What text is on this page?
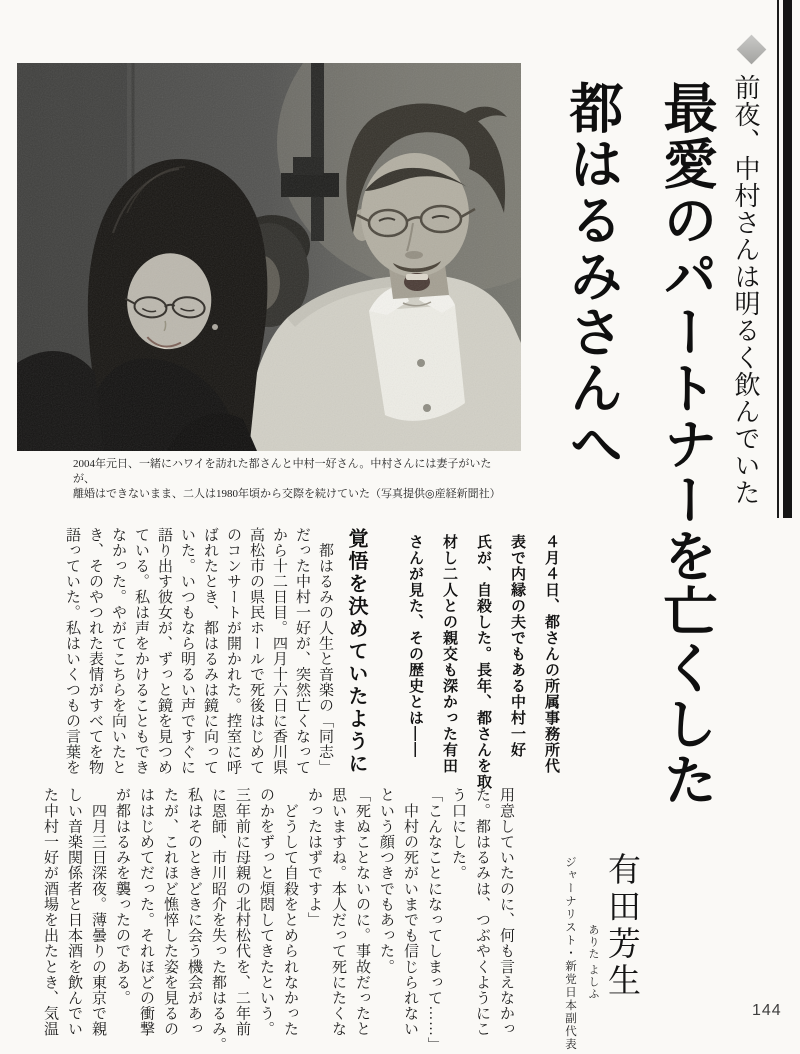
2004年元日、一緒にハワイを訪れた都さんと中村一好さん。中村さんには妻子がいたが、
離婚はできないまま、二人は1980年頃から交際を続けていた（写真提供◎産経新聞社）	前夜、中村さんは明るく飲んでいた
最愛のパートナーを亡くした
都はるみさんへ
４月４日、都さんの所属事務所代
表で内縁の夫でもある中村一好
氏が、自殺した。長年、都さんを取
材し二人との親交も深かった有田
さんが見た、その歴史とは――
覚悟を決めていたように
　都はるみの人生と音楽の「同志」
だった中村一好が、突然亡くなって
から十二日目。四月十六日に香川県
高松市の県民ホールで死後はじめて
のコンサートが開かれた。控室に呼
ばれたとき、都はるみは鏡に向って
いた。いつもなら明るい声ですぐに
語り出す彼女が、ずっと鏡を見つめ
ている。私は声をかけることもでき
なかった。やがてこちらを向いたと
き、そのやつれた表情がすべてを物
語っていた。私はいくつもの言葉を
用意していたのに、何も言えなかっ
た。都はるみは、つぶやくようにこ
う口にした。
「こんなことになってしまって……」
　中村の死がいまでも信じられない
という顔つきでもあった。
「死ぬことないのに。事故だったと
思いますね。本人だって死にたくな
かったはずですよ」
　どうして自殺をとめられなかった
のかをずっと煩悶してきたという。
三年前に母親の北村松代を、二年前
に恩師、市川昭介を失った都はるみ。
私はそのときどきに会う機会があっ
たが、これほど憔悴した姿を見るの
ははじめてだった。それほどの衝撃
が都はるみを襲ったのである。
　四月三日深夜。薄曇りの東京で親
しい音楽関係者と日本酒を飲んでい
た中村一好が酒場を出たとき、気温	有田芳生
ありた よしふ
ジャーナリスト・新党日本副代表	144
